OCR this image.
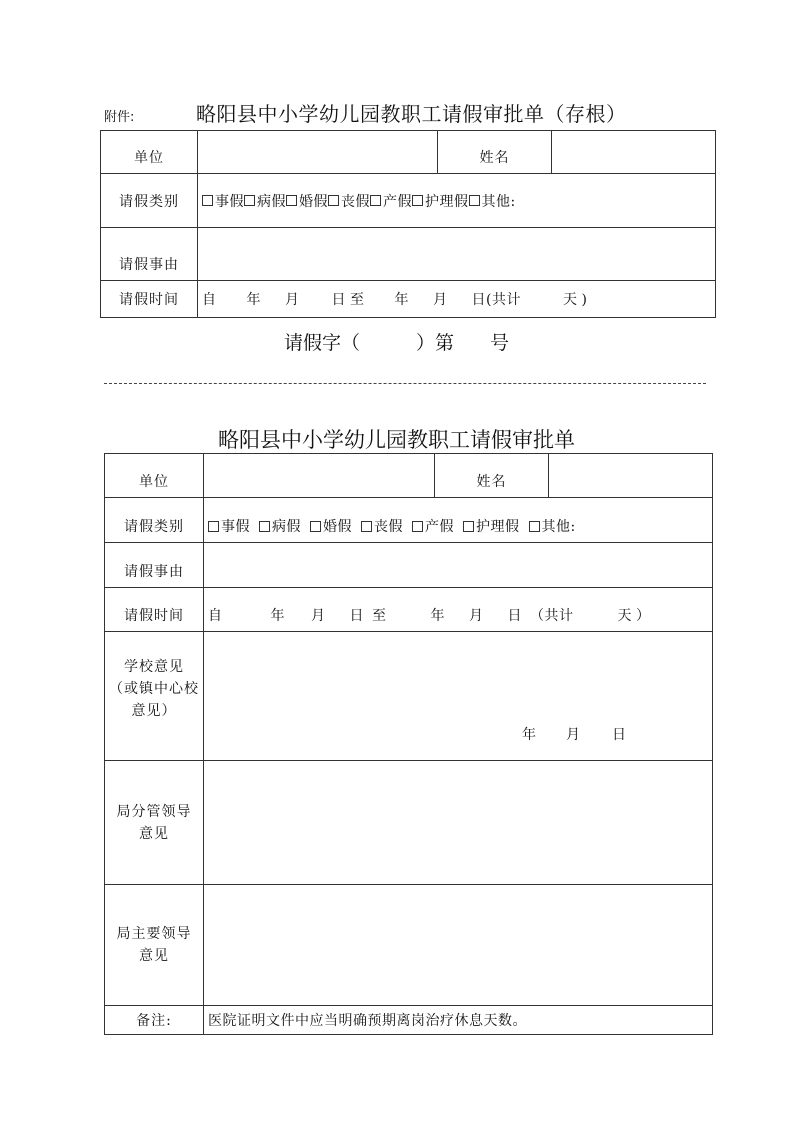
附件:	略阳县中小学幼儿园教职工请假审批单（存根）
单位		姓名	
请假类别	事假 病假 婚假 丧假 产假 护理假 其他:		
请假事由			
请假时间	自 年 月 日 至 年 月 日(共计 天 )		
请假字（	）第 号
略阳县中小学幼儿园教职工请假审批单
单位		姓名	
请假类别	事假 病假 婚假 丧假 产假 护理假 其他:		
请假事由			
请假时间	自 年 月 日 至 年 月 日 （共计 天 ）		

学校意见
（或镇中心校
意见）	年 月 日		

局分管领导
意见			

局主要领导
意见			

备注:	医院证明文件中应当明确预期离岗治疗休息天数。		
